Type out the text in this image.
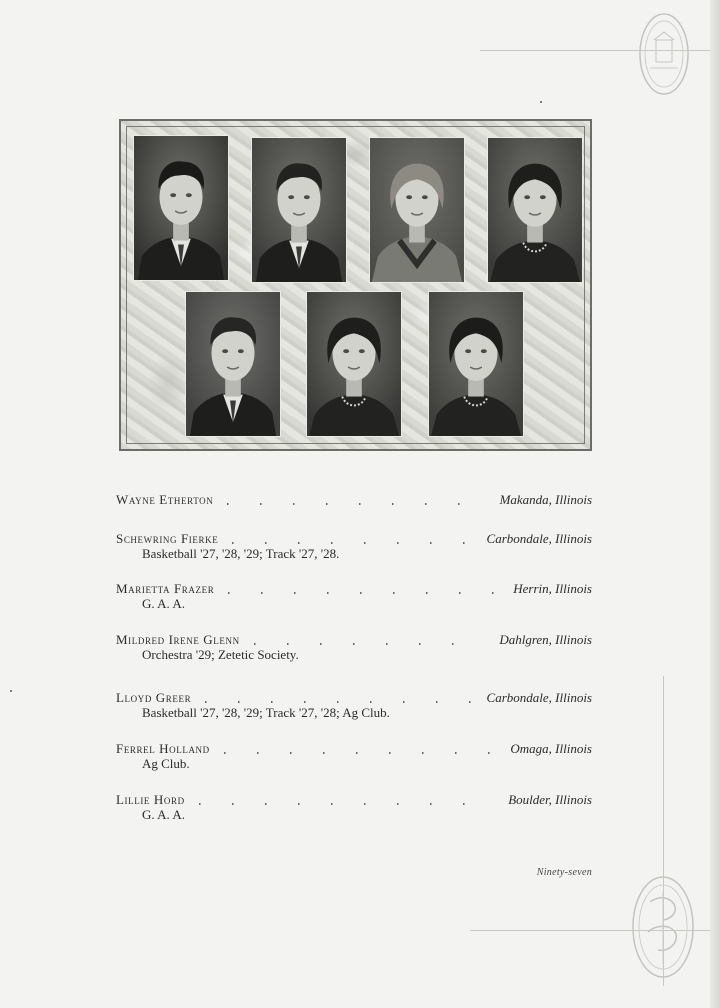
Wayne Etherton	Makanda, Illinois
Schewring Fierke	Carbondale, Illinois
Basketball '27, '28, '29; Track '27, '28.
Marietta Frazer	Herrin, Illinois
G. A. A.
Mildred Irene Glenn	Dahlgren, Illinois
Orchestra '29; Zetetic Society.
Lloyd Greer	Carbondale, Illinois
Basketball '27, '28, '29; Track '27, '28; Ag Club.
Ferrel Holland	Omaga, Illinois
Ag Club.
Lillie Hord	Boulder, Illinois
G. A. A.
Ninety-seven
